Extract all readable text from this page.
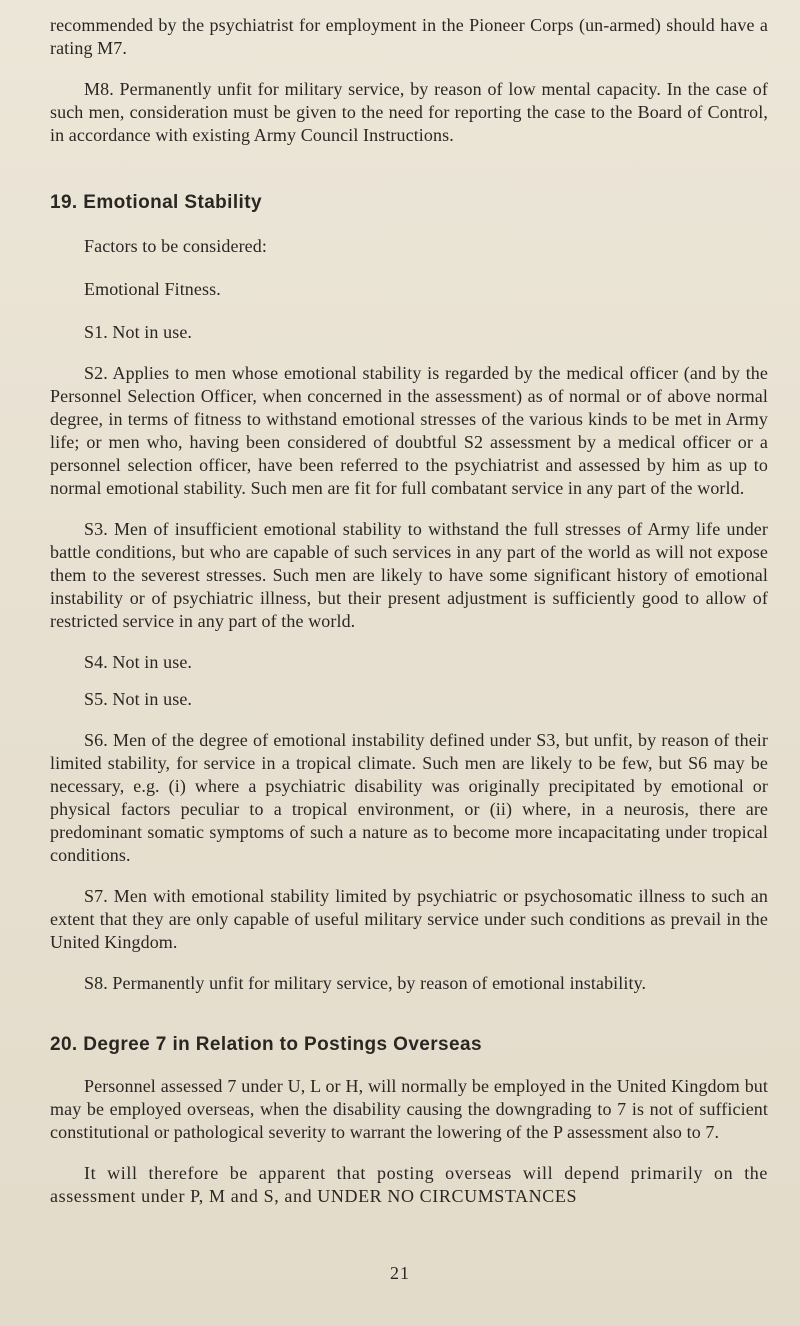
recommended by the psychiatrist for employment in the Pioneer Corps (un-armed) should have a rating M7.

M8. Permanently unfit for military service, by reason of low mental capacity. In the case of such men, consideration must be given to the need for reporting the case to the Board of Control, in accordance with existing Army Council Instructions.

19. Emotional Stability

Factors to be considered:

Emotional Fitness.

S1. Not in use.

S2. Applies to men whose emotional stability is regarded by the medical officer (and by the Personnel Selection Officer, when concerned in the assessment) as of normal or of above normal degree, in terms of fitness to withstand emotional stresses of the various kinds to be met in Army life; or men who, having been considered of doubtful S2 assessment by a medical officer or a personnel selection officer, have been referred to the psychiatrist and assessed by him as up to normal emotional stability. Such men are fit for full combatant service in any part of the world.

S3. Men of insufficient emotional stability to withstand the full stresses of Army life under battle conditions, but who are capable of such services in any part of the world as will not expose them to the severest stresses. Such men are likely to have some significant history of emotional instability or of psychiatric illness, but their present adjustment is sufficiently good to allow of restricted service in any part of the world.

S4. Not in use.

S5. Not in use.

S6. Men of the degree of emotional instability defined under S3, but unfit, by reason of their limited stability, for service in a tropical climate. Such men are likely to be few, but S6 may be necessary, e.g. (i) where a psychiatric disability was originally precipitated by emotional or physical factors peculiar to a tropical environment, or (ii) where, in a neurosis, there are predominant somatic symptoms of such a nature as to become more incapacitating under tropical conditions.

S7. Men with emotional stability limited by psychiatric or psychosomatic illness to such an extent that they are only capable of useful military service under such conditions as prevail in the United Kingdom.

S8. Permanently unfit for military service, by reason of emotional instability.

20. Degree 7 in Relation to Postings Overseas

Personnel assessed 7 under U, L or H, will normally be employed in the United Kingdom but may be employed overseas, when the disability causing the downgrading to 7 is not of sufficient constitutional or pathological severity to warrant the lowering of the P assessment also to 7.

It will therefore be apparent that posting overseas will depend primarily on the assessment under P, M and S, and UNDER NO CIRCUMSTANCES

21
